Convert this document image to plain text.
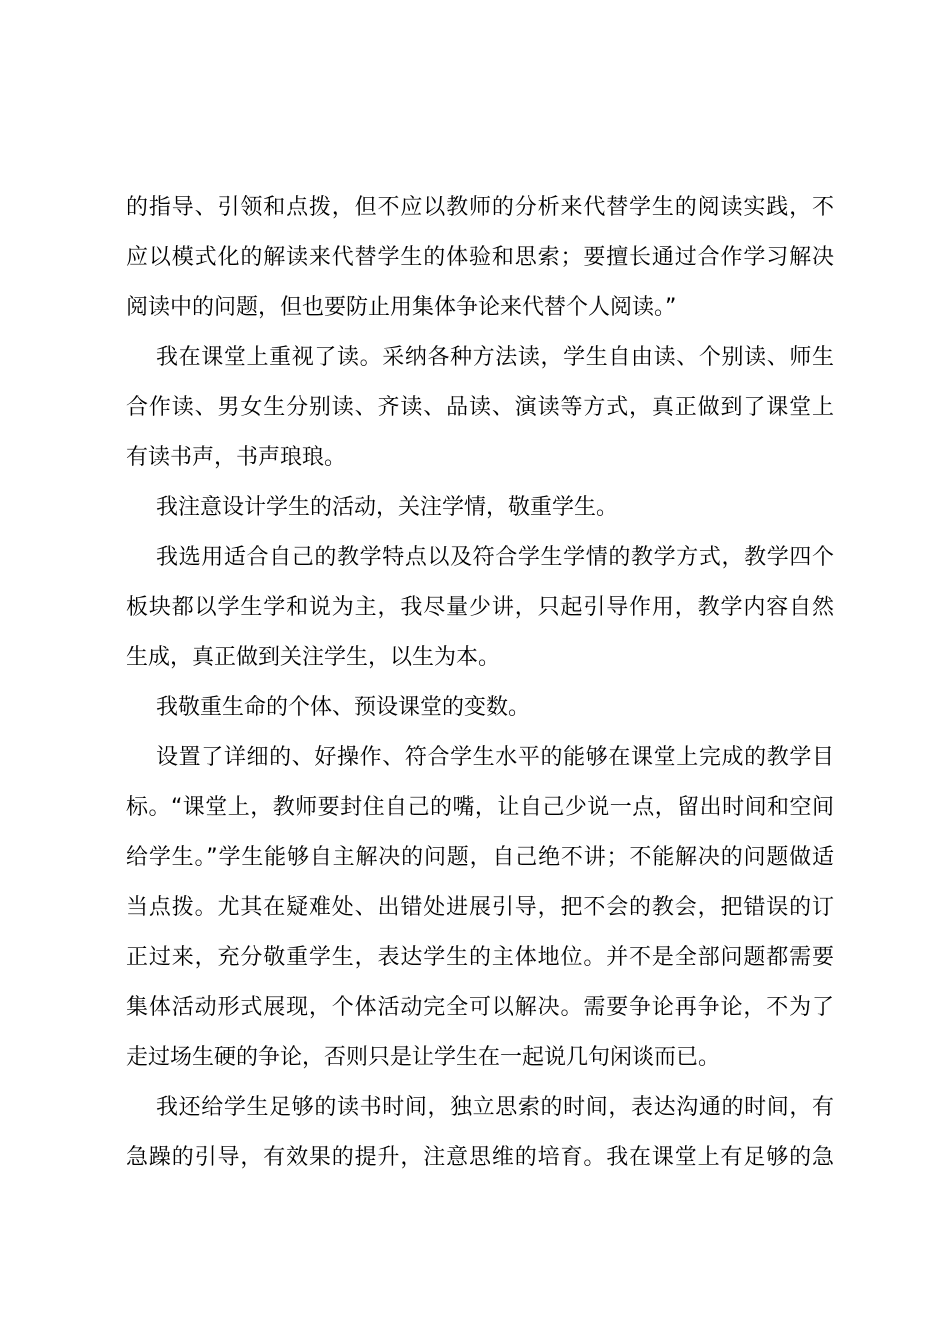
的指导、引领和点拨，但不应以教师的分析来代替学生的阅读实践，不
应以模式化的解读来代替学生的体验和思索；要擅长通过合作学习解决
阅读中的问题，但也要防止用集体争论来代替个人阅读。”
我在课堂上重视了读。采纳各种方法读，学生自由读、个别读、师生
合作读、男女生分别读、齐读、品读、演读等方式，真正做到了课堂上
有读书声，书声琅琅。
我注意设计学生的活动，关注学情，敬重学生。
我选用适合自己的教学特点以及符合学生学情的教学方式，教学四个
板块都以学生学和说为主，我尽量少讲，只起引导作用，教学内容自然
生成，真正做到关注学生，以生为本。
我敬重生命的个体、预设课堂的变数。
设置了详细的、好操作、符合学生水平的能够在课堂上完成的教学目
标。“课堂上，教师要封住自己的嘴，让自己少说一点，留出时间和空间
给学生。”学生能够自主解决的问题，自己绝不讲；不能解决的问题做适
当点拨。尤其在疑难处、出错处进展引导，把不会的教会，把错误的订
正过来，充分敬重学生，表达学生的主体地位。并不是全部问题都需要
集体活动形式展现，个体活动完全可以解决。需要争论再争论，不为了
走过场生硬的争论，否则只是让学生在一起说几句闲谈而已。
我还给学生足够的读书时间，独立思索的时间，表达沟通的时间，有
急躁的引导，有效果的提升，注意思维的培育。我在课堂上有足够的急
